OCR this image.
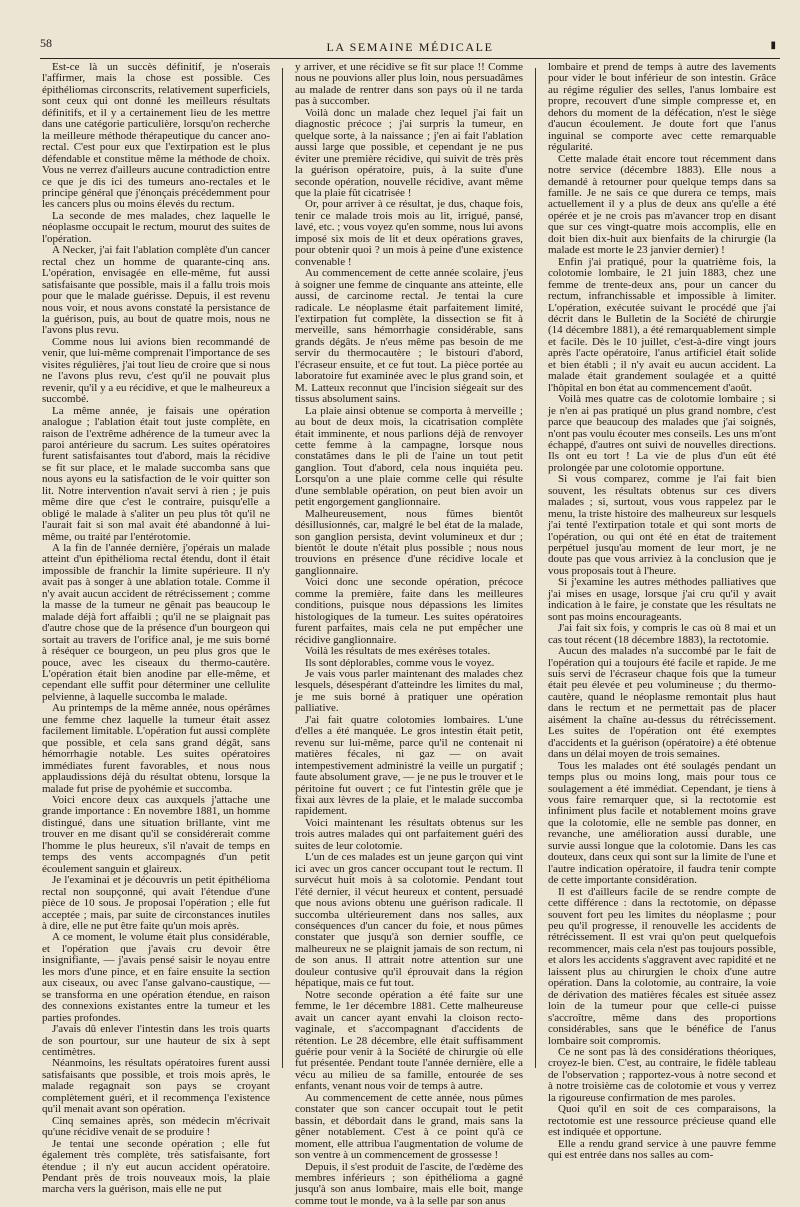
58	LA SEMAINE MÉDICALE	▮

Est-ce là un succès définitif, je n'oserais l'affirmer, mais la chose est possible. Ces épithéliomas circonscrits, relativement superficiels, sont ceux qui ont donné les meilleurs résultats définitifs, et il y a certainement lieu de les mettre dans une catégorie particulière, lorsqu'on recherche la meilleure méthode thérapeutique du cancer ano-rectal. C'est pour eux que l'extirpation est le plus défendable et constitue même la méthode de choix. Vous ne verrez d'ailleurs aucune contradiction entre ce que je dis ici des tumeurs ano-rectales et le principe général que j'énonçais précédemment pour les cancers plus ou moins élevés du rectum.

La seconde de mes malades, chez laquelle le néoplasme occupait le rectum, mourut des suites de l'opération.

A Necker, j'ai fait l'ablation complète d'un cancer rectal chez un homme de quarante-cinq ans. L'opération, envisagée en elle-même, fut aussi satisfaisante que possible, mais il a fallu trois mois pour que le malade guérisse. Depuis, il est revenu nous voir, et nous avons constaté la persistance de la guérison, puis, au bout de quatre mois, nous ne l'avons plus revu.

Comme nous lui avions bien recommandé de venir, que lui-même comprenait l'importance de ses visites régulières, j'ai tout lieu de croire que si nous ne l'avons plus revu, c'est qu'il ne pouvait plus revenir, qu'il y a eu récidive, et que le malheureux a succombé.

La même année, je faisais une opération analogue ; l'ablation était tout juste complète, en raison de l'extrême adhérence de la tumeur avec la paroi antérieure du sacrum. Les suites opératoires furent satisfaisantes tout d'abord, mais la récidive se fit sur place, et le malade succomba sans que nous ayons eu la satisfaction de le voir quitter son lit. Notre intervention n'avait servi à rien ; je puis même dire que c'est le contraire, puisqu'elle a obligé le malade à s'aliter un peu plus tôt qu'il ne l'aurait fait si son mal avait été abandonné à lui-même, ou traité par l'entérotomie.

A la fin de l'année dernière, j'opérais un malade atteint d'un épithélioma rectal étendu, dont il était impossible de franchir la limite supérieure. Il n'y avait pas à songer à une ablation totale. Comme il n'y avait aucun accident de rétrécissement ; comme la masse de la tumeur ne gênait pas beaucoup le malade déjà fort affaibli ; qu'il ne se plaignait pas d'autre chose que de la présence d'un bourgeon qui sortait au travers de l'orifice anal, je me suis borné à réséquer ce bourgeon, un peu plus gros que le pouce, avec les ciseaux du thermo-cautère. L'opération était bien anodine par elle-même, et cependant elle suffit pour déterminer une cellulite pelvienne, à laquelle succomba le malade.

Au printemps de la même année, nous opérâmes une femme chez laquelle la tumeur était assez facilement limitable. L'opération fut aussi complète que possible, et cela sans grand dégât, sans hémorrhagie notable. Les suites opératoires immédiates furent favorables, et nous nous applaudissions déjà du résultat obtenu, lorsque la malade fut prise de pyohémie et succomba.

Voici encore deux cas auxquels j'attache une grande importance : En novembre 1881, un homme distingué, dans une situation brillante, vint me trouver en me disant qu'il se considérerait comme l'homme le plus heureux, s'il n'avait de temps en temps des vents accompagnés d'un petit écoulement sanguin et glaireux.

Je l'examinai et je découvris un petit épithélioma rectal non soupçonné, qui avait l'étendue d'une pièce de 10 sous. Je proposai l'opération ; elle fut acceptée ; mais, par suite de circonstances inutiles à dire, elle ne put être faite qu'un mois après.

A ce moment, le volume était plus considérable, et l'opération que j'avais cru devoir être insignifiante, — j'avais pensé saisir le noyau entre les mors d'une pince, et en faire ensuite la section aux ciseaux, ou avec l'anse galvano-caustique, — se transforma en une opération étendue, en raison des connexions existantes entre la tumeur et les parties profondes.

J'avais dû enlever l'intestin dans les trois quarts de son pourtour, sur une hauteur de six à sept centimètres.

Néanmoins, les résultats opératoires furent aussi satisfaisants que possible, et trois mois après, le malade regagnait son pays se croyant complètement guéri, et il recommença l'existence qu'il menait avant son opération.

Cinq semaines après, son médecin m'écrivait qu'une récidive venait de se produire !

Je tentai une seconde opération ; elle fut également très complète, très satisfaisante, fort étendue ; il n'y eut aucun accident opératoire. Pendant près de trois nouveaux mois, la plaie marcha vers la guérison, mais elle ne put

y arriver, et une récidive se fit sur place !! Comme nous ne pouvions aller plus loin, nous persuadâmes au malade de rentrer dans son pays où il ne tarda pas à succomber.

Voilà donc un malade chez lequel j'ai fait un diagnostic précoce ; j'ai surpris la tumeur, en quelque sorte, à la naissance ; j'en ai fait l'ablation aussi large que possible, et cependant je ne pus éviter une première récidive, qui suivit de très près la guérison opératoire, puis, à la suite d'une seconde opération, nouvelle récidive, avant même que la plaie fût cicatrisée !

Or, pour arriver à ce résultat, je dus, chaque fois, tenir ce malade trois mois au lit, irrigué, pansé, lavé, etc. ; vous voyez qu'en somme, nous lui avons imposé six mois de lit et deux opérations graves, pour obtenir quoi ? un mois à peine d'une existence convenable !

Au commencement de cette année scolaire, j'eus à soigner une femme de cinquante ans atteinte, elle aussi, de carcinome rectal. Je tentai la cure radicale. Le néoplasme était parfaitement limité, l'extirpation fut complète, la dissection se fit à merveille, sans hémorrhagie considérable, sans grands dégâts. Je n'eus même pas besoin de me servir du thermocautère ; le bistouri d'abord, l'écraseur ensuite, et ce fut tout. La pièce portée au laboratoire fut examinée avec le plus grand soin, et M. Latteux reconnut que l'incision siégeait sur des tissus absolument sains.

La plaie ainsi obtenue se comporta à merveille ; au bout de deux mois, la cicatrisation complète était imminente, et nous parlions déjà de renvoyer cette femme à la campagne, lorsque nous constatâmes dans le pli de l'aine un tout petit ganglion. Tout d'abord, cela nous inquiéta peu. Lorsqu'on a une plaie comme celle qui résulte d'une semblable opération, on peut bien avoir un petit engorgement ganglionnaire.

Malheureusement, nous fûmes bientôt désillusionnés, car, malgré le bel état de la malade, son ganglion persista, devint volumineux et dur ; bientôt le doute n'était plus possible ; nous nous trouvions en présence d'une récidive locale et ganglionnaire.

Voici donc une seconde opération, précoce comme la première, faite dans les meilleures conditions, puisque nous dépassions les limites histologiques de la tumeur. Les suites opératoires furent parfaites, mais cela ne put empêcher une récidive ganglionnaire.

Voilà les résultats de mes exérèses totales.

Ils sont déplorables, comme vous le voyez.

Je vais vous parler maintenant des malades chez lesquels, désespérant d'atteindre les limites du mal, je me suis borné à pratiquer une opération palliative.

J'ai fait quatre colotomies lombaires. L'une d'elles a été manquée. Le gros intestin était petit, revenu sur lui-même, parce qu'il ne contenait ni matières fécales, ni gaz — on avait intempestivement administré la veille un purgatif ; faute absolument grave, — je ne pus le trouver et le péritoine fut ouvert ; ce fut l'intestin grêle que je fixai aux lèvres de la plaie, et le malade succomba rapidement.

Voici maintenant les résultats obtenus sur les trois autres malades qui ont parfaitement guéri des suites de leur colotomie.

L'un de ces malades est un jeune garçon qui vint ici avec un gros cancer occupant tout le rectum. Il survécut huit mois à sa colotomie. Pendant tout l'été dernier, il vécut heureux et content, persuadé que nous avions obtenu une guérison radicale. Il succomba ultérieurement dans nos salles, aux conséquences d'un cancer du foie, et nous pûmes constater que jusqu'à son dernier souffle, ce malheureux ne se plaignit jamais de son rectum, ni de son anus. Il attrait notre attention sur une douleur contusive qu'il éprouvait dans la région hépatique, mais ce fut tout.

Notre seconde opération a été faite sur une femme, le 1er décembre 1881. Cette malheureuse avait un cancer ayant envahi la cloison recto-vaginale, et s'accompagnant d'accidents de rétention. Le 28 décembre, elle était suffisamment guérie pour venir à la Société de chirurgie où elle fut présentée. Pendant toute l'année dernière, elle a vécu au milieu de sa famille, entourée de ses enfants, venant nous voir de temps à autre.

Au commencement de cette année, nous pûmes constater que son cancer occupait tout le petit bassin, et débordait dans le grand, mais sans la gêner notablement. C'est à ce point qu'à ce moment, elle attribua l'augmentation de volume de son ventre à un commencement de grossesse !

Depuis, il s'est produit de l'ascite, de l'œdème des membres inférieurs ; son épithélioma a gagné jusqu'à son anus lombaire, mais elle boit, mange comme tout le monde, va à la selle par son anus

lombaire et prend de temps à autre des lavements pour vider le bout inférieur de son intestin. Grâce au régime régulier des selles, l'anus lombaire est propre, recouvert d'une simple compresse et, en dehors du moment de la défécation, n'est le siège d'aucun écoulement. Je doute fort que l'anus inguinal se comporte avec cette remarquable régularité.

Cette malade était encore tout récemment dans notre service (décembre 1883). Elle nous a demandé à retourner pour quelque temps dans sa famille. Je ne sais ce que durera ce temps, mais actuellement il y a plus de deux ans qu'elle a été opérée et je ne crois pas m'avancer trop en disant que sur ces vingt-quatre mois accomplis, elle en doit bien dix-huit aux bienfaits de la chirurgie (la malade est morte le 23 janvier dernier) !

Enfin j'ai pratiqué, pour la quatrième fois, la colotomie lombaire, le 21 juin 1883, chez une femme de trente-deux ans, pour un cancer du rectum, infranchissable et impossible à limiter. L'opération, exécutée suivant le procédé que j'ai décrit dans le Bulletin de la Société de chirurgie (14 décembre 1881), a été remarquablement simple et facile. Dès le 10 juillet, c'est-à-dire vingt jours après l'acte opératoire, l'anus artificiel était solide et bien établi ; il n'y avait eu aucun accident. La malade était grandement soulagée et a quitté l'hôpital en bon état au commencement d'août.

Voilà mes quatre cas de colotomie lombaire ; si je n'en ai pas pratiqué un plus grand nombre, c'est parce que beaucoup des malades que j'ai soignés, n'ont pas voulu écouter mes conseils. Les uns m'ont échappé, d'autres ont suivi de nouvelles directions. Ils ont eu tort ! La vie de plus d'un eût été prolongée par une colotomie opportune.

Si vous comparez, comme je l'ai fait bien souvent, les résultats obtenus sur ces divers malades ; si, surtout, vous vous rappelez par le menu, la triste histoire des malheureux sur lesquels j'ai tenté l'extirpation totale et qui sont morts de l'opération, ou qui ont été en état de traitement perpétuel jusqu'au moment de leur mort, je ne doute pas que vous arriviez à la conclusion que je vous proposais tout à l'heure.

Si j'examine les autres méthodes palliatives que j'ai mises en usage, lorsque j'ai cru qu'il y avait indication à le faire, je constate que les résultats ne sont pas moins encourageants.

J'ai fait six fois, y compris le cas où 8 mai et un cas tout récent (18 décembre 1883), la rectotomie.

Aucun des malades n'a succombé par le fait de l'opération qui a toujours été facile et rapide. Je me suis servi de l'écraseur chaque fois que la tumeur était peu élevée et peu volumineuse ; du thermo-cautère, quand le néoplasme remontait plus haut dans le rectum et ne permettait pas de placer aisément la chaîne au-dessus du rétrécissement. Les suites de l'opération ont été exemptes d'accidents et la guérison (opératoire) a été obtenue dans un délai moyen de trois semaines.

Tous les malades ont été soulagés pendant un temps plus ou moins long, mais pour tous ce soulagement a été immédiat. Cependant, je tiens à vous faire remarquer que, si la rectotomie est infiniment plus facile et notablement moins grave que la colotomie, elle ne semble pas donner, en revanche, une amélioration aussi durable, une survie aussi longue que la colotomie. Dans les cas douteux, dans ceux qui sont sur la limite de l'une et l'autre indication opératoire, il faudra tenir compte de cette importante considération.

Il est d'ailleurs facile de se rendre compte de cette différence : dans la rectotomie, on dépasse souvent fort peu les limites du néoplasme ; pour peu qu'il progresse, il renouvelle les accidents de rétrécissement. Il est vrai qu'on peut quelquefois recommencer, mais cela n'est pas toujours possible, et alors les accidents s'aggravent avec rapidité et ne laissent plus au chirurgien le choix d'une autre opération. Dans la colotomie, au contraire, la voie de dérivation des matières fécales est située assez loin de la tumeur pour que celle-ci puisse s'accroître, même dans des proportions considérables, sans que le bénéfice de l'anus lombaire soit compromis.

Ce ne sont pas là des considérations théoriques, croyez-le bien. C'est, au contraire, le fidèle tableau de l'observation ; rapportez-vous à notre second et à notre troisième cas de colotomie et vous y verrez la rigoureuse confirmation de mes paroles.

Quoi qu'il en soit de ces comparaisons, la rectotomie est une ressource précieuse quand elle est indiquée et opportune.

Elle a rendu grand service à une pauvre femme qui est entrée dans nos salles au com-
